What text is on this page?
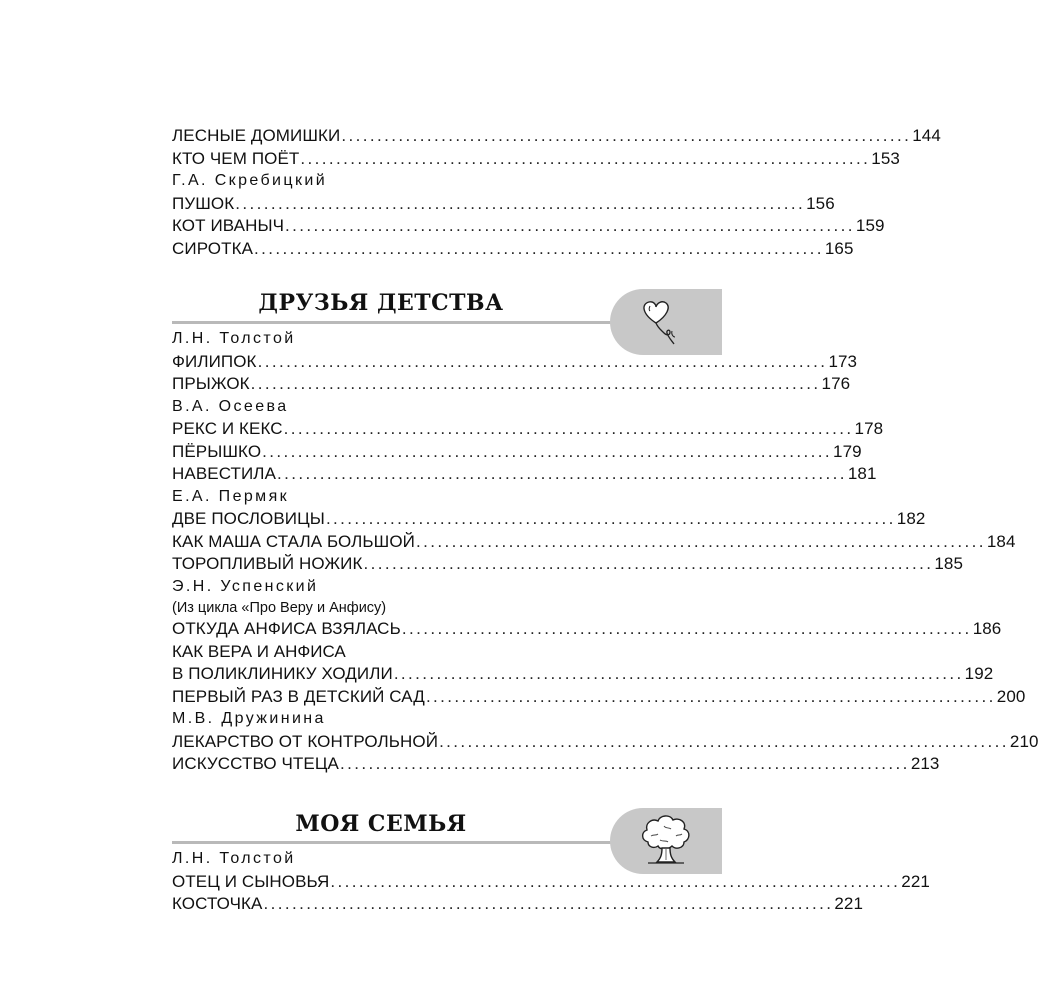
ЛЕСНЫЕ ДОМИШКИ ................................................................................ 144
КТО ЧЕМ ПОЁТ ................................................................................ 153
Г.А. Скребицкий
ПУШОК ................................................................................ 156
КОТ ИВАНЫЧ ................................................................................ 159
СИРОТКА ................................................................................ 165
ДРУЗЬЯ ДЕТСТВА
Л.Н. Толстой
ФИЛИПОК ................................................................................ 173
ПРЫЖОК ................................................................................ 176
В.А. Осеева
РЕКС И КЕКС ................................................................................ 178
ПЁРЫШКО ................................................................................ 179
НАВЕСТИЛА ................................................................................ 181
Е.А. Пермяк
ДВЕ ПОСЛОВИЦЫ ................................................................................ 182
КАК МАША СТАЛА БОЛЬШОЙ ................................................................................ 184
ТОРОПЛИВЫЙ НОЖИК ................................................................................ 185
Э.Н. Успенский
(Из цикла «Про Веру и Анфису)
ОТКУДА АНФИСА ВЗЯЛАСЬ ................................................................................ 186
КАК ВЕРА И АНФИСА
В ПОЛИКЛИНИКУ ХОДИЛИ ................................................................................ 192
ПЕРВЫЙ РАЗ В ДЕТСКИЙ САД ................................................................................ 200
М.В. Дружинина
ЛЕКАРСТВО ОТ КОНТРОЛЬНОЙ ................................................................................ 210
ИСКУССТВО ЧТЕЦА ................................................................................ 213
МОЯ СЕМЬЯ
Л.Н. Толстой
ОТЕЦ И СЫНОВЬЯ ................................................................................ 221
КОСТОЧКА ................................................................................ 221
